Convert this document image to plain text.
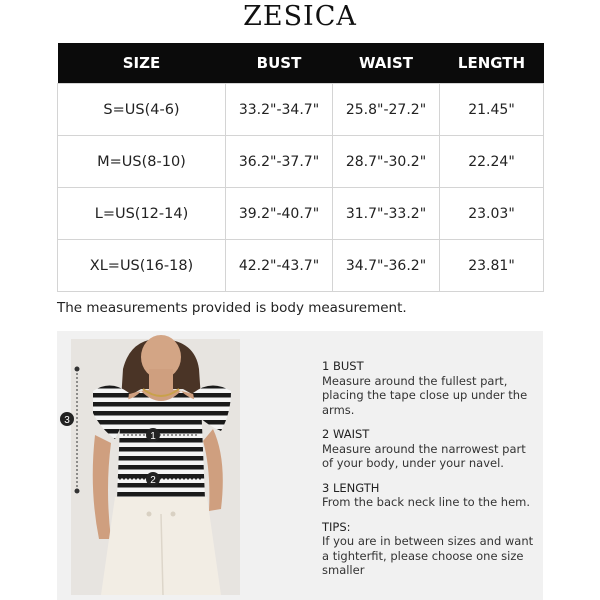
ZESICA
SIZE	BUST	WAIST	LENGTH
S=US(4-6)	33.2"-34.7"	25.8"-27.2"	21.45"
M=US(8-10)	36.2"-37.7"	28.7"-30.2"	22.24"
L=US(12-14)	39.2"-40.7"	31.7"-33.2"	23.03"
XL=US(16-18)	42.2"-43.7"	34.7"-36.2"	23.81"
The measurements provided is body measurement.
3
1
2
1 BUST
Measure around the fullest part, placing the tape close up under the arms.
2 WAIST
Measure around the narrowest part of your body, under your navel.
3 LENGTH
From the back neck line to the hem.
TIPS:
If you are in between sizes and want a tighterfit, please choose one size smaller
